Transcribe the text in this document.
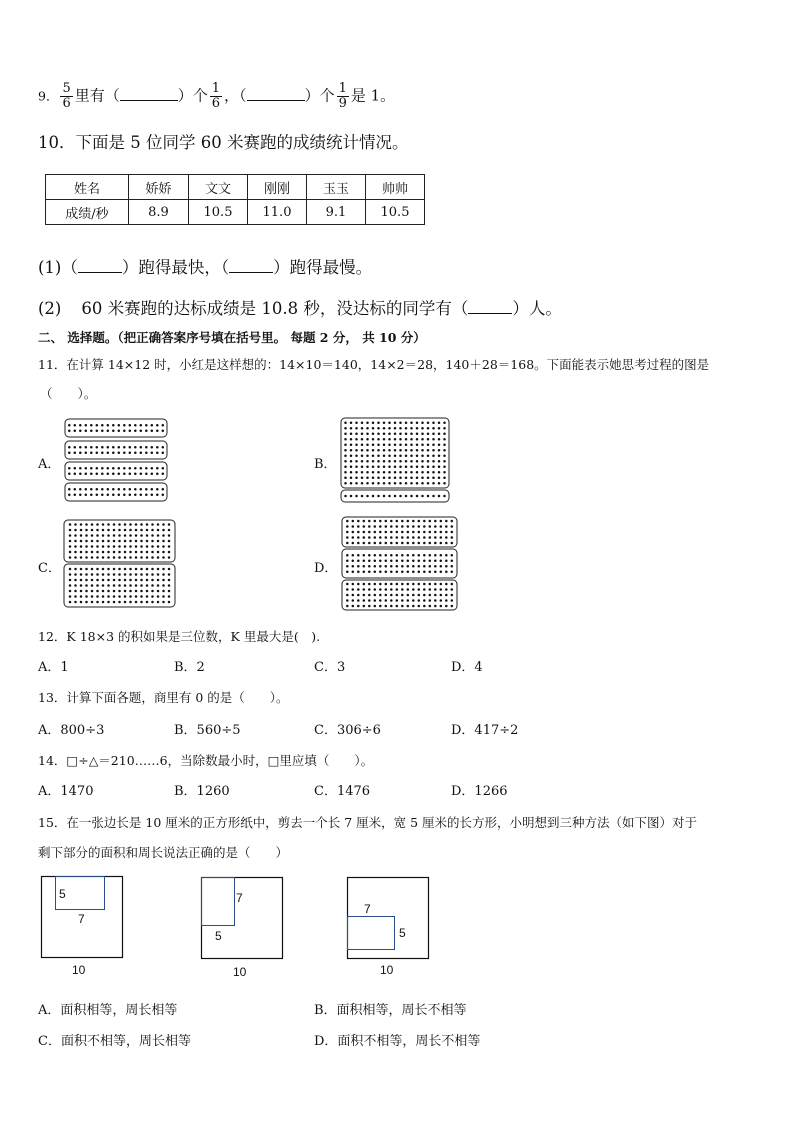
9． $\frac{5}{6}$ 里有（	）个 $\frac{1}{6}$ ，（	）个 $\frac{1}{9}$ 是 1。
10．下面是 5 位同学 60 米赛跑的成绩统计情况。
姓名	娇娇	文文	刚刚	玉玉	帅帅
成绩/秒	8.9	10.5	11.0	9.1	10.5
(1)（	）跑得最快，（	）跑得最慢。
(2) 60 米赛跑的达标成绩是 10.8 秒，没达标的同学有（	）人。
二、 选择题。（把正确答案序号填在括号里。 每题 2 分， 共 10 分）
11．在计算 14×12 时，小红是这样想的：14×10＝140，14×2＝28，140＋28＝168。下面能表示她思考过程的图是
（　　）。
A．	B．
C．	D．
12．K 18×3 的积如果是三位数，K 里最大是(　).
A．1	B．2	C．3	D．4
13．计算下面各题，商里有 0 的是（　　）。
A．800÷3	B．560÷5	C．306÷6	D．417÷2
14．□÷△＝210……6，当除数最小时，□里应填（　　）。
A．1470	B．1260	C．1476	D．1266
15．在一张边长是 10 厘米的正方形纸中，剪去一个长 7 厘米，宽 5 厘米的长方形，小明想到三种方法（如下图）对于
剩下部分的面积和周长说法正确的是（　　）
5
7
10
7
5
10
7
5
10
A．面积相等，周长相等	B．面积相等，周长不相等
C．面积不相等，周长相等	D．面积不相等，周长不相等
